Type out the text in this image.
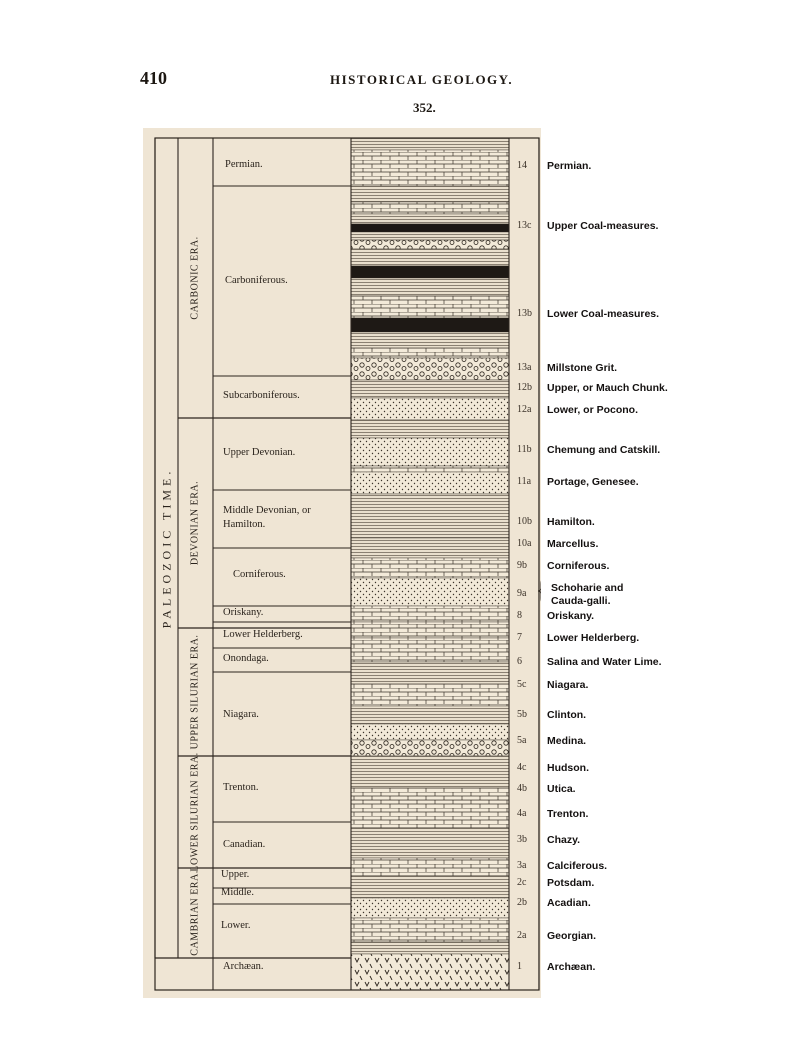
410	HISTORICAL GEOLOGY.
352.
PALEOZOIC TIME.
CARBONIC ERA.
DEVONIAN ERA.
UPPER SILURIAN ERA.
LOWER SILURIAN ERA.
CAMBRIAN ERA.
Permian.
Carboniferous.
Subcarboniferous.
Upper Devonian.
Middle Devonian, or Hamilton.
Corniferous.
Oriskany.
Lower Helderberg.
Onondaga.
Niagara.
Trenton.
Canadian.
Upper.
Middle.
Lower.
Archæan.
14	Permian.
13c	Upper Coal-measures.
13b	Lower Coal-measures.
13a	Millstone Grit.
12b	Upper, or Mauch Chunk.
12a	Lower, or Pocono.
11b	Chemung and Catskill.
11a	Portage, Genesee.
10b	Hamilton.
10a	Marcellus.
9b	Corniferous.
9a	Schoharie and Cauda-galli.
8	Oriskany.
7	Lower Helderberg.
6	Salina and Water Lime.
5c	Niagara.
5b	Clinton.
5a	Medina.
4c	Hudson.
4b	Utica.
4a	Trenton.
3b	Chazy.
3a	Calciferous.
2c	Potsdam.
2b	Acadian.
2a	Georgian.
1	Archæan.
